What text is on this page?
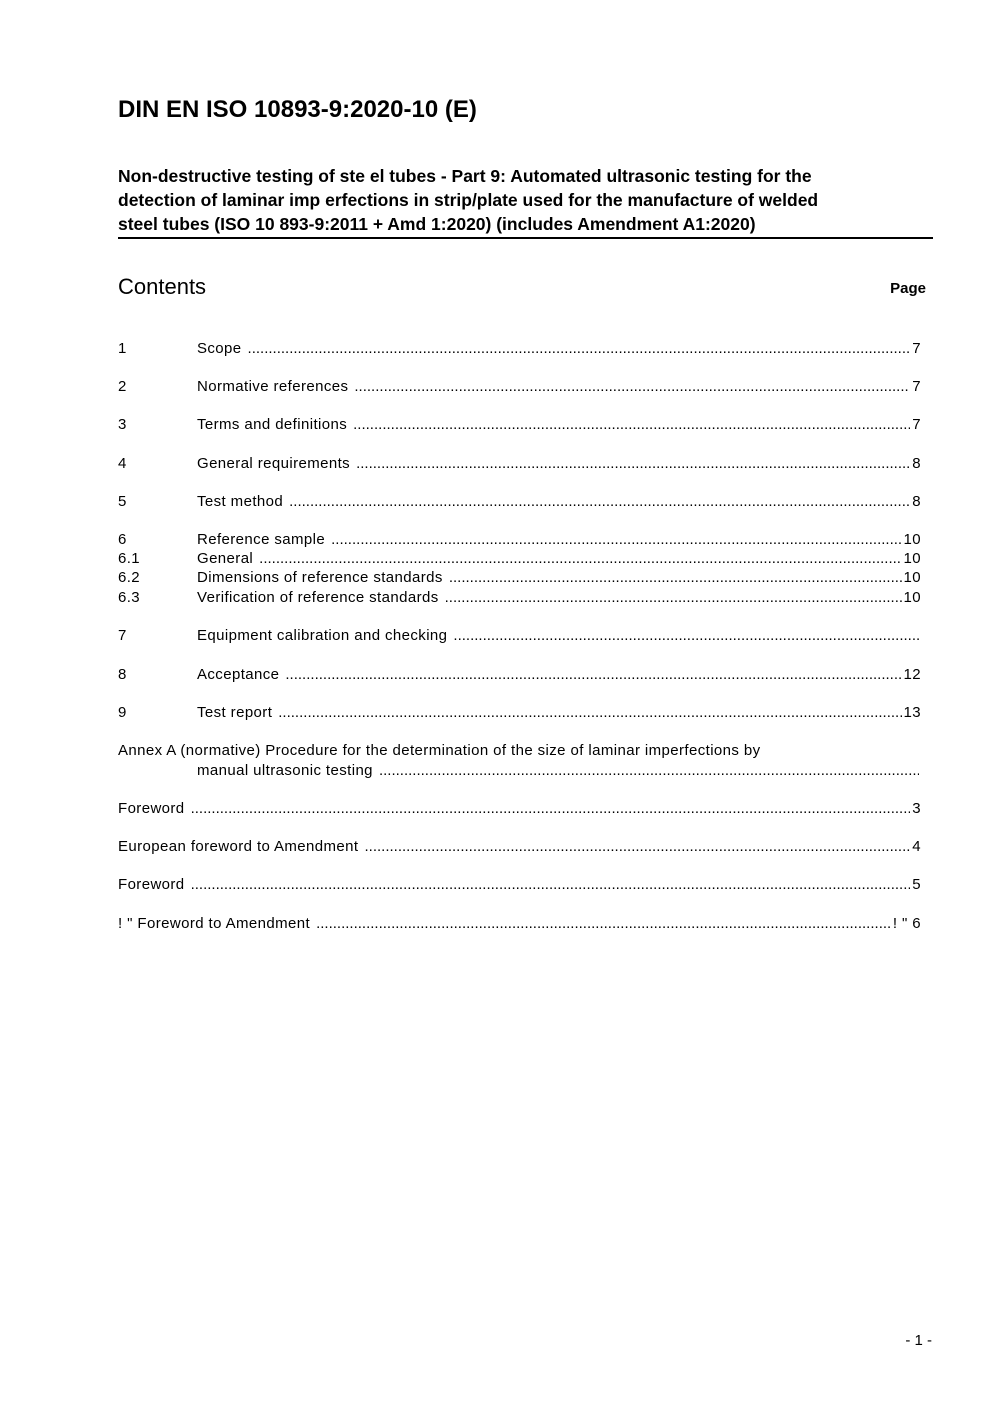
DIN EN ISO 10893-9:2020-10 (E)
Non-destructive testing of ste el tubes - Part 9: Automated ultrasonic testing for the
detection of laminar imp erfections in strip/plate used for the manufacture of welded
steel tubes (ISO 10 893-9:2011 + Amd 1:2020) (includes Amendment A1:2020)
Contents	Page
1	Scope .....	7
2	Normative references .....	7
3	Terms and definitions .....	7
4	General requirements .....	8
5	Test method .....	8
6	Reference sample .....	10
6.1	General .....	10
6.2	Dimensions of reference standards .....	10
6.3	Verification of reference standards .....	10
7	Equipment calibration and checking
.....
8	Acceptance .....	12
9	Test report .....	13
Annex A (normative) Procedure for the determination of the size of laminar imperfections by
manual ultrasonic testing
.....
Foreword .....	3
European foreword to Amendment .....	4
Foreword .....	5
! " Foreword to Amendment .....	! " 6
- 1 -
